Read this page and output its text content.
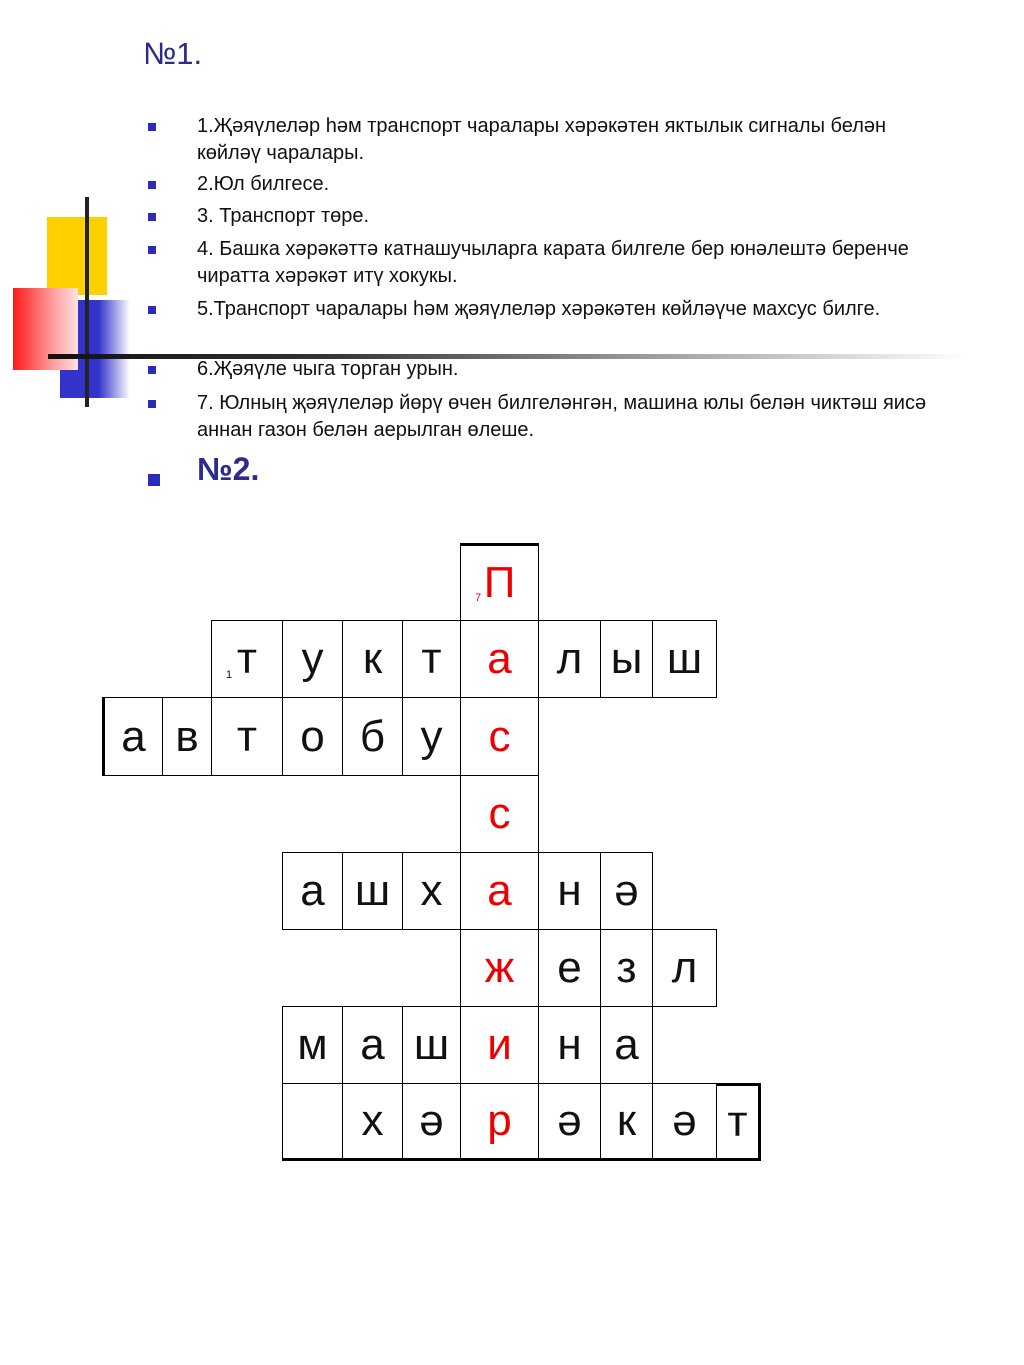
№1.
1.Җәяүлеләр һәм транспорт чаралары хәрәкәтен яктылык сигналы белән көйләү чаралары.
2.Юл билгесе.
3. Транспорт төре.
4. Башка хәрәкәттә катнашучыларга карата билгеле бер юнәлештә беренче чиратта хәрәкәт итү хокукы.
5.Транспорт чаралары һәм җәяүлеләр хәрәкәтен көйләүче махсус билге.
6.Җәяүле чыга торган урын.
7. Юлның җәяүлеләр йөрү өчен билгеләнгән, машина юлы белән чиктәш яисә аннан газон белән аерылган өлеше.
№2.
П
7
т
1 у к т а л ы ш
а в т о б у с
с
а ш х а н ә
ж е з л
м а ш и н а
х ә р ә к ә т
